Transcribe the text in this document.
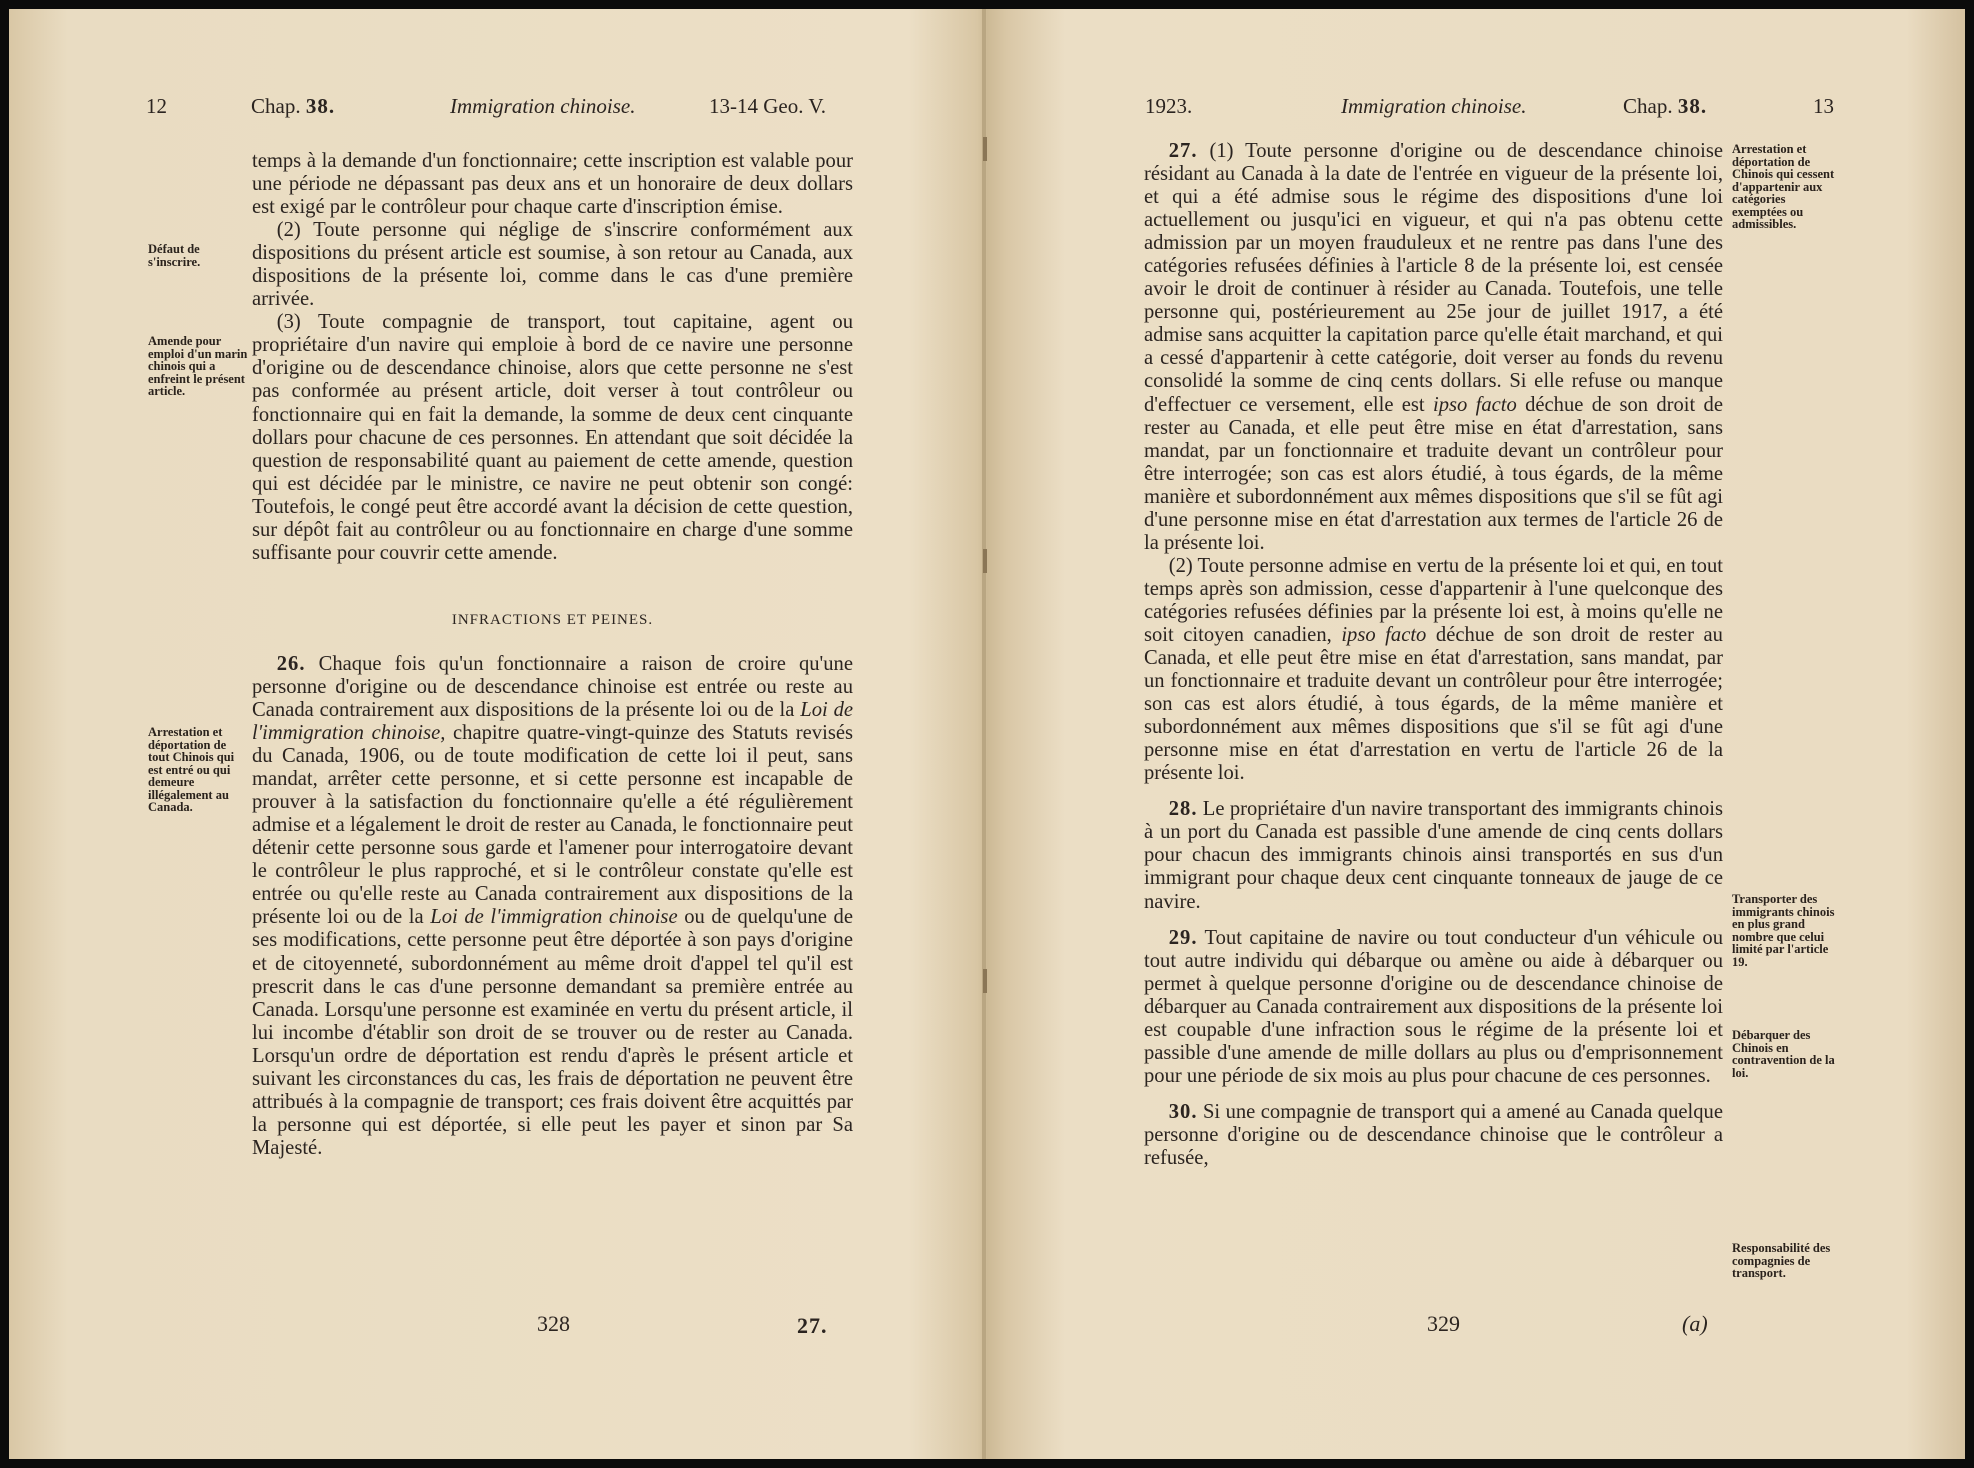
12	Chap. 38.	Immigration chinoise.	13-14 Geo. V.
Défaut de s'inscrire.
Amende pour emploi d'un marin chinois qui a enfreint le présent article.
Arrestation et déportation de tout Chinois qui est entré ou qui demeure illégalement au Canada.

temps à la demande d'un fonctionnaire; cette inscription est valable pour une période ne dépassant pas deux ans et un honoraire de deux dollars est exigé par le contrôleur pour chaque carte d'inscription émise.

(2) Toute personne qui néglige de s'inscrire conformément aux dispositions du présent article est soumise, à son retour au Canada, aux dispositions de la présente loi, comme dans le cas d'une première arrivée.

(3) Toute compagnie de transport, tout capitaine, agent ou propriétaire d'un navire qui emploie à bord de ce navire une personne d'origine ou de descendance chinoise, alors que cette personne ne s'est pas conformée au présent article, doit verser à tout contrôleur ou fonctionnaire qui en fait la demande, la somme de deux cent cinquante dollars pour chacune de ces personnes. En attendant que soit décidée la question de responsabilité quant au paiement de cette amende, question qui est décidée par le ministre, ce navire ne peut obtenir son congé: Toutefois, le congé peut être accordé avant la décision de cette question, sur dépôt fait au contrôleur ou au fonctionnaire en charge d'une somme suffisante pour couvrir cette amende.

INFRACTIONS ET PEINES.

26. Chaque fois qu'un fonctionnaire a raison de croire qu'une personne d'origine ou de descendance chinoise est entrée ou reste au Canada contrairement aux dispositions de la présente loi ou de la Loi de l'immigration chinoise, chapitre quatre-vingt-quinze des Statuts revisés du Canada, 1906, ou de toute modification de cette loi il peut, sans mandat, arrêter cette personne, et si cette personne est incapable de prouver à la satisfaction du fonctionnaire qu'elle a été régulièrement admise et a légalement le droit de rester au Canada, le fonctionnaire peut détenir cette personne sous garde et l'amener pour interrogatoire devant le contrôleur le plus rapproché, et si le contrôleur constate qu'elle est entrée ou qu'elle reste au Canada contrairement aux dispositions de la présente loi ou de la Loi de l'immigration chinoise ou de quelqu'une de ses modifications, cette personne peut être déportée à son pays d'origine et de citoyenneté, subordonnément au même droit d'appel tel qu'il est prescrit dans le cas d'une personne demandant sa première entrée au Canada. Lorsqu'une personne est examinée en vertu du présent article, il lui incombe d'établir son droit de se trouver ou de rester au Canada. Lorsqu'un ordre de déportation est rendu d'après le présent article et suivant les circonstances du cas, les frais de déportation ne peuvent être attribués à la compagnie de transport; ces frais doivent être acquittés par la personne qui est déportée, si elle peut les payer et sinon par Sa Majesté.

328	27.
1923.	Immigration chinoise.	Chap. 38.	13
Arrestation et déportation de Chinois qui cessent d'appartenir aux catégories exemptées ou admissibles.
Transporter des immigrants chinois en plus grand nombre que celui limité par l'article 19.
Débarquer des Chinois en contravention de la loi.
Responsabilité des compagnies de transport.

27. (1) Toute personne d'origine ou de descendance chinoise résidant au Canada à la date de l'entrée en vigueur de la présente loi, et qui a été admise sous le régime des dispositions d'une loi actuellement ou jusqu'ici en vigueur, et qui n'a pas obtenu cette admission par un moyen frauduleux et ne rentre pas dans l'une des catégories refusées définies à l'article 8 de la présente loi, est censée avoir le droit de continuer à résider au Canada. Toutefois, une telle personne qui, postérieurement au 25e jour de juillet 1917, a été admise sans acquitter la capitation parce qu'elle était marchand, et qui a cessé d'appartenir à cette catégorie, doit verser au fonds du revenu consolidé la somme de cinq cents dollars. Si elle refuse ou manque d'effectuer ce versement, elle est ipso facto déchue de son droit de rester au Canada, et elle peut être mise en état d'arrestation, sans mandat, par un fonctionnaire et traduite devant un contrôleur pour être interrogée; son cas est alors étudié, à tous égards, de la même manière et subordonnément aux mêmes dispositions que s'il se fût agi d'une personne mise en état d'arrestation aux termes de l'article 26 de la présente loi.

(2) Toute personne admise en vertu de la présente loi et qui, en tout temps après son admission, cesse d'appartenir à l'une quelconque des catégories refusées définies par la présente loi est, à moins qu'elle ne soit citoyen canadien, ipso facto déchue de son droit de rester au Canada, et elle peut être mise en état d'arrestation, sans mandat, par un fonctionnaire et traduite devant un contrôleur pour être interrogée; son cas est alors étudié, à tous égards, de la même manière et subordonnément aux mêmes dispositions que s'il se fût agi d'une personne mise en état d'arrestation en vertu de l'article 26 de la présente loi.

28. Le propriétaire d'un navire transportant des immigrants chinois à un port du Canada est passible d'une amende de cinq cents dollars pour chacun des immigrants chinois ainsi transportés en sus d'un immigrant pour chaque deux cent cinquante tonneaux de jauge de ce navire.

29. Tout capitaine de navire ou tout conducteur d'un véhicule ou tout autre individu qui débarque ou amène ou aide à débarquer ou permet à quelque personne d'origine ou de descendance chinoise de débarquer au Canada contrairement aux dispositions de la présente loi est coupable d'une infraction sous le régime de la présente loi et passible d'une amende de mille dollars au plus ou d'emprisonnement pour une période de six mois au plus pour chacune de ces personnes.

30. Si une compagnie de transport qui a amené au Canada quelque personne d'origine ou de descendance chinoise que le contrôleur a refusée,

329	(a)
